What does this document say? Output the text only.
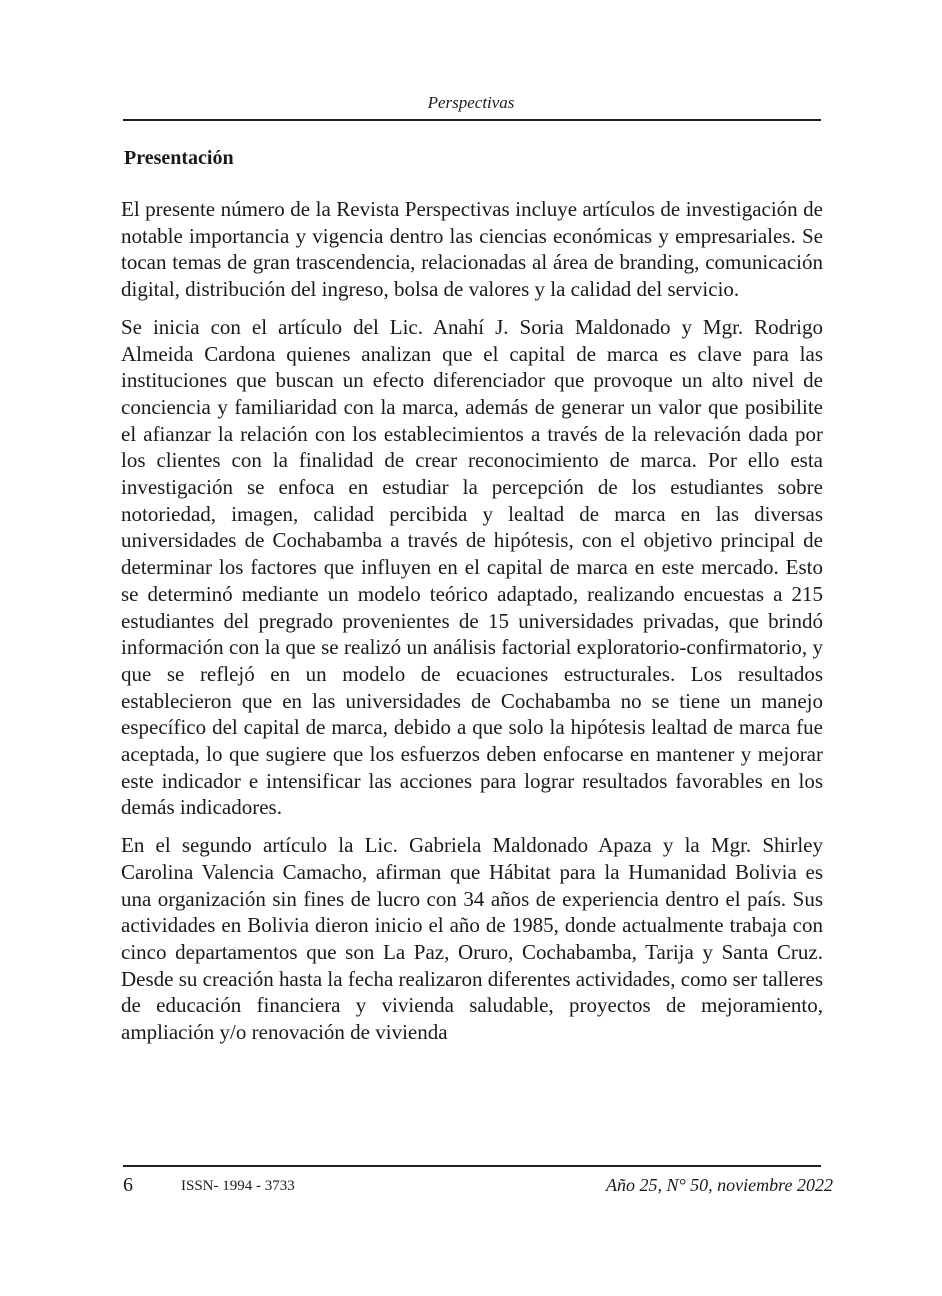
Perspectivas
Presentación

El presente número de la Revista Perspectivas incluye artículos de investigación de notable importancia y vigencia dentro las ciencias económicas y empresariales. Se tocan temas de gran trascendencia, relacionadas al área de branding, comunicación digital, distribución del ingreso, bolsa de valores y la calidad del servicio.

Se inicia con el artículo del Lic. Anahí J. Soria Maldonado y Mgr. Rodrigo Almeida Cardona quienes analizan que el capital de marca es clave para las instituciones que buscan un efecto diferenciador que provoque un alto nivel de conciencia y familiaridad con la marca, además de generar un valor que posibilite el afianzar la relación con los establecimientos a través de la relevación dada por los clientes con la finalidad de crear reconocimiento de marca. Por ello esta investigación se enfoca en estudiar la percepción de los estudiantes sobre notoriedad, imagen, calidad percibida y lealtad de marca en las diversas universidades de Cochabamba a través de hipótesis, con el objetivo principal de determinar los factores que influyen en el capital de marca en este mercado. Esto se determinó mediante un modelo teórico adaptado, realizando encuestas a 215 estudiantes del pregrado provenientes de 15 universidades privadas, que brindó información con la que se realizó un análisis factorial exploratorio-confirmatorio, y que se reflejó en un modelo de ecuaciones estructurales. Los resultados establecieron que en las universidades de Cochabamba no se tiene un manejo específico del capital de marca, debido a que solo la hipótesis lealtad de marca fue aceptada, lo que sugiere que los esfuerzos deben enfocarse en mantener y mejorar este indicador e intensificar las acciones para lograr resultados favorables en los demás indicadores.

En el segundo artículo la Lic. Gabriela Maldonado Apaza y la Mgr. Shirley Carolina Valencia Camacho, afirman que Hábitat para la Humanidad Bolivia es una organización sin fines de lucro con 34 años de experiencia dentro el país. Sus actividades en Bolivia dieron inicio el año de 1985, donde actualmente trabaja con cinco departamentos que son La Paz, Oruro, Cochabamba, Tarija y Santa Cruz. Desde su creación hasta la fecha realizaron diferentes actividades, como ser talleres de educación financiera y vivienda saludable, proyectos de mejoramiento, ampliación y/o renovación de vivienda

6	ISSN- 1994 - 3733	Año 25, N° 50, noviembre 2022
